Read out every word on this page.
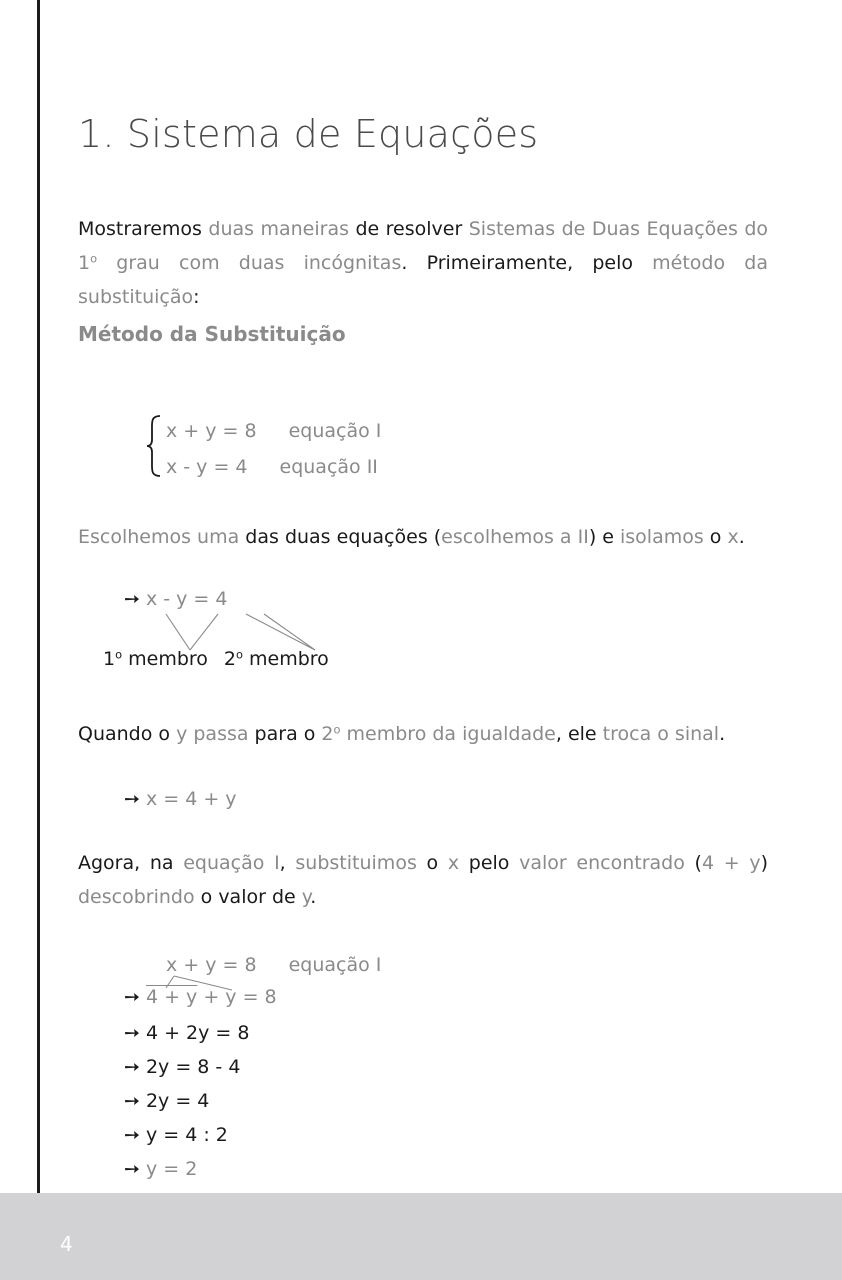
1. Sistema de Equações

Mostraremos duas maneiras de resolver Sistemas de Duas Equações do 1$^o$ grau com duas incógnitas. Primeiramente, pelo método da substituição:

Método da Substituição

x + y = 8 equação I

x - y = 4 equação II

Escolhemos uma das duas equações (escolhemos a II) e isolamos o x.

➙ x - y = 4

1$^o$ membro 2$^o$ membro

Quando o y passa para o 2$^o$ membro da igualdade, ele troca o sinal.

➙ x = 4 + y

Agora, na equação I, substituimos o x pelo valor encontrado (4 + y) descobrindo o valor de y.

x + y = 8 equação I

➙ 4 + y + y = 8

➙ 4 + 2y = 8

➙ 2y = 8 - 4

➙ 2y = 4

➙ y = 4 : 2

➙ y = 2

4
